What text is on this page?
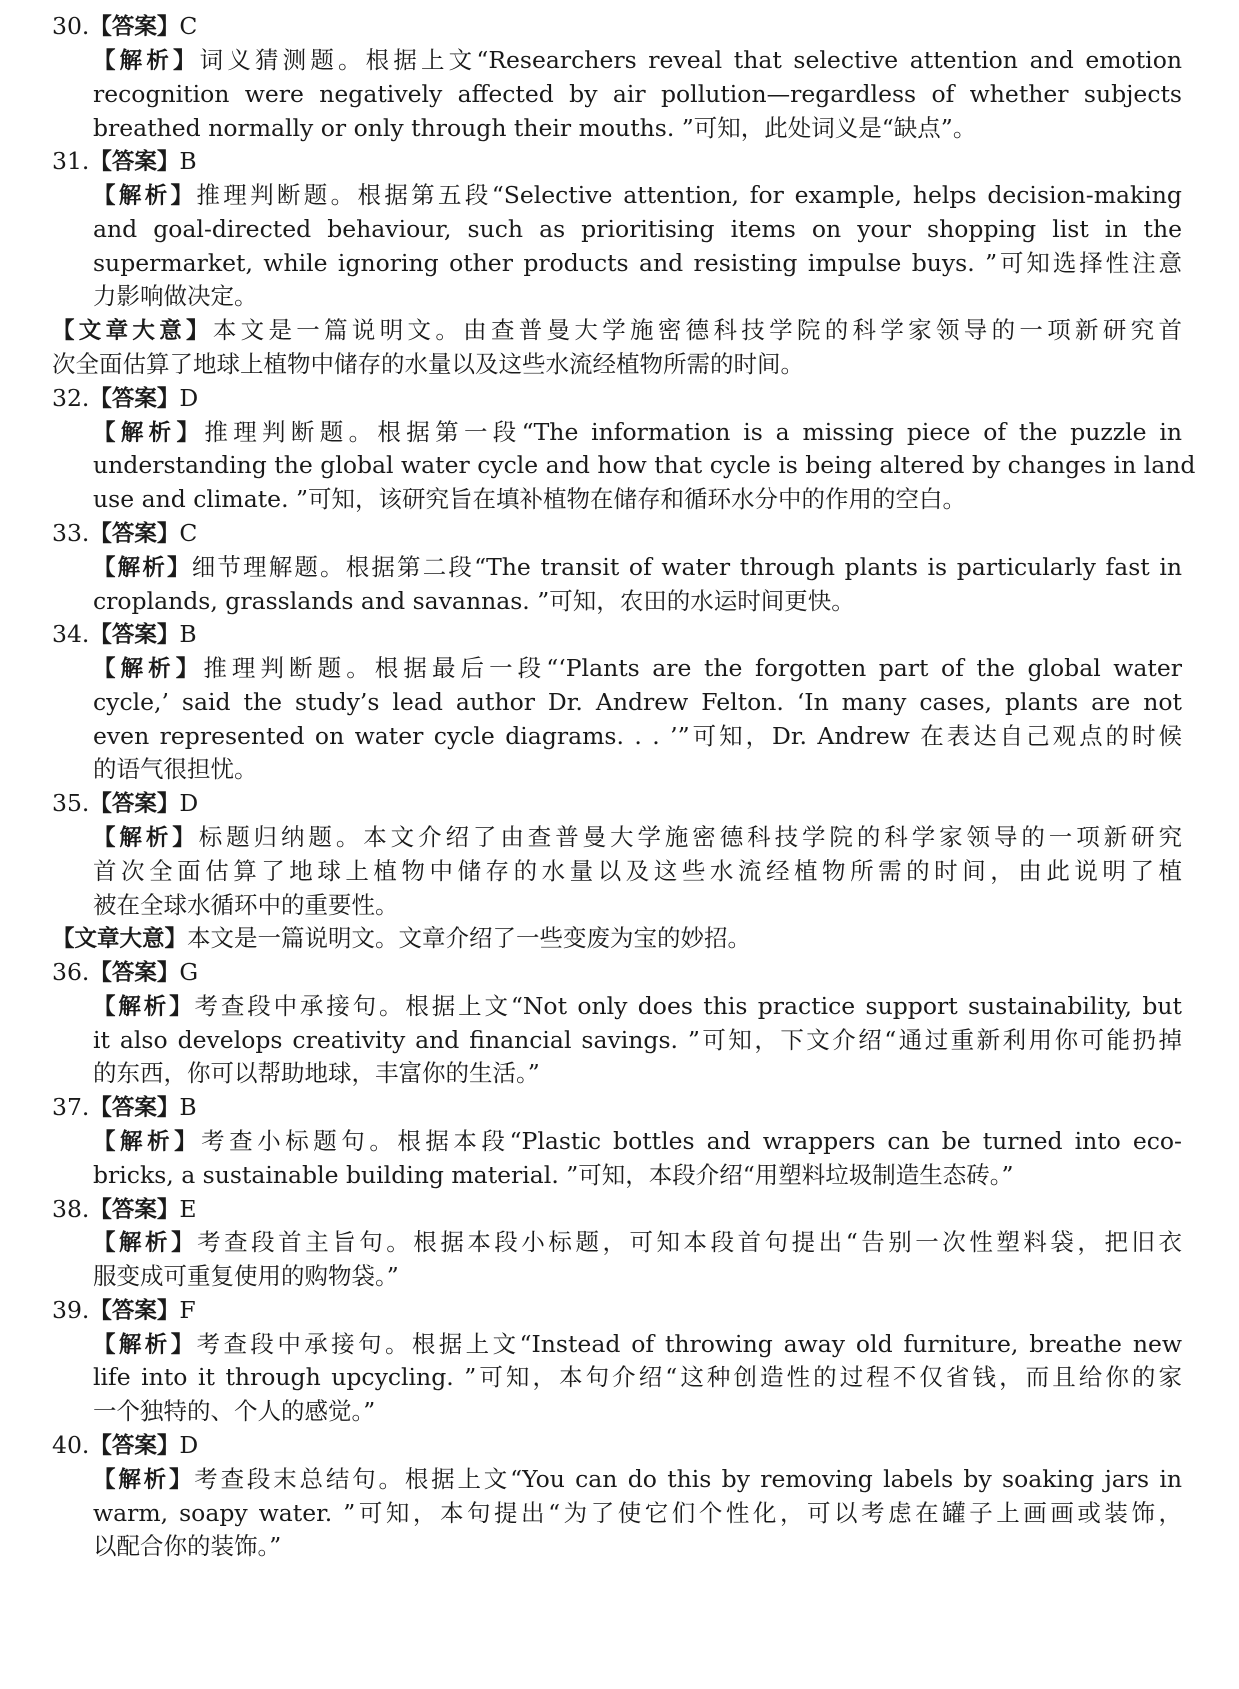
30.【答案】C
【解析】词义猜测题。根据上文“Researchers reveal that selective attention and emotion
recognition were negatively affected by air pollution—regardless of whether subjects
breathed normally or only through their mouths. ”可知，此处词义是“缺点”。
31.【答案】B
【解析】推理判断题。根据第五段“Selective attention, for example, helps decision-making
and goal-directed behaviour, such as prioritising items on your shopping list in the
supermarket, while ignoring other products and resisting impulse buys. ”可知选择性注意
力影响做决定。
【文章大意】本文是一篇说明文。由查普曼大学施密德科技学院的科学家领导的一项新研究首
次全面估算了地球上植物中储存的水量以及这些水流经植物所需的时间。
32.【答案】D
【解析】推理判断题。根据第一段“The information is a missing piece of the puzzle in
understanding the global water cycle and how that cycle is being altered by changes in land
use and climate. ”可知，该研究旨在填补植物在储存和循环水分中的作用的空白。
33.【答案】C
【解析】细节理解题。根据第二段“The transit of water through plants is particularly fast in
croplands, grasslands and savannas. ”可知，农田的水运时间更快。
34.【答案】B
【解析】推理判断题。根据最后一段“‘Plants are the forgotten part of the global water
cycle,’ said the study’s lead author Dr. Andrew Felton. ‘In many cases, plants are not
even represented on water cycle diagrams. . . ’”可知，Dr. Andrew 在表达自己观点的时候
的语气很担忧。
35.【答案】D
【解析】标题归纳题。本文介绍了由查普曼大学施密德科技学院的科学家领导的一项新研究
首次全面估算了地球上植物中储存的水量以及这些水流经植物所需的时间，由此说明了植
被在全球水循环中的重要性。
【文章大意】本文是一篇说明文。文章介绍了一些变废为宝的妙招。
36.【答案】G
【解析】考查段中承接句。根据上文“Not only does this practice support sustainability, but
it also develops creativity and financial savings. ”可知，下文介绍“通过重新利用你可能扔掉
的东西，你可以帮助地球，丰富你的生活。”
37.【答案】B
【解析】考查小标题句。根据本段“Plastic bottles and wrappers can be turned into eco-
bricks, a sustainable building material. ”可知，本段介绍“用塑料垃圾制造生态砖。”
38.【答案】E
【解析】考查段首主旨句。根据本段小标题，可知本段首句提出“告别一次性塑料袋，把旧衣
服变成可重复使用的购物袋。”
39.【答案】F
【解析】考查段中承接句。根据上文“Instead of throwing away old furniture, breathe new
life into it through upcycling. ”可知，本句介绍“这种创造性的过程不仅省钱，而且给你的家
一个独特的、个人的感觉。”
40.【答案】D
【解析】考查段末总结句。根据上文“You can do this by removing labels by soaking jars in
warm, soapy water. ”可知，本句提出“为了使它们个性化，可以考虑在罐子上画画或装饰，
以配合你的装饰。”
